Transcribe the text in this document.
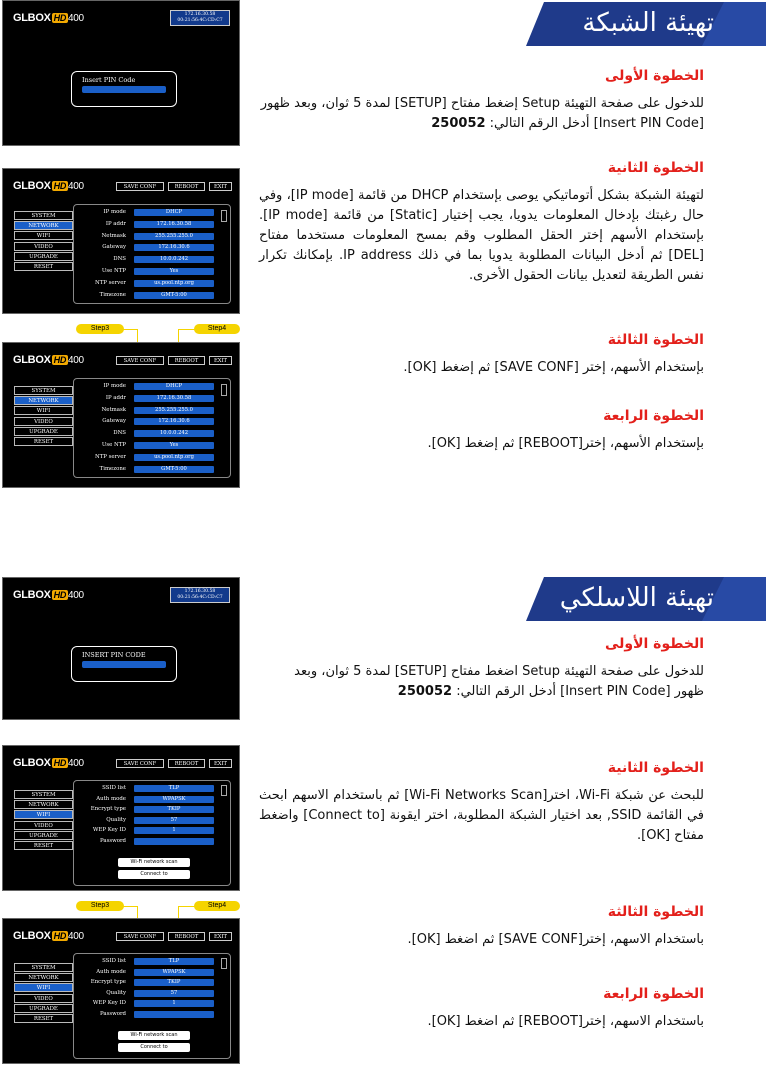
تهيئة الشبكة
GLBOX HD 400	172.16.30.58
00:21:56:4C:CD:C7
Insert PIN Code	الخطوة الأولى
للدخول على صفحة التهيئة Setup إضغط مفتاح [SETUP] لمدة 5 ثوان، وبعد ظهور
[Insert PIN Code] أدخل الرقم التالي: 250052
GLBOX HD 400	SAVE CONF	REBOOT	EXIT
SYSTEM
NETWORK
WIFI
VIDEO
UPGRADE
RESET
IP mode	DHCP
IP addr	172.16.30.58
Netmask	255.255.255.0
Gateway	172.16.30.6
DNS	10.0.0.242
Use NTP	Yes
NTP server	us.pool.ntp.org
Timezone	GMT-5:00
الخطوة الثانية
لتهيئة الشبكة بشكل أتوماتيكي يوصى بإستخدام DHCP من قائمة [IP mode]، وفي حال رغبتك بإدخال المعلومات يدويا، يجب إختيار [Static] من قائمة [IP mode]. بإستخدام الأسهم إختر الحقل المطلوب وقم بمسح المعلومات مستخدما مفتاح [DEL] ثم أدخل البيانات المطلوبة يدويا بما في ذلك IP address. بإمكانك تكرار نفس الطريقة لتعديل بيانات الحقول الأخرى.
Step3	Step4
GLBOX HD 400	SAVE CONF	REBOOT	EXIT
SYSTEM
NETWORK
WIFI
VIDEO
UPGRADE
RESET
IP mode	DHCP
IP addr	172.16.30.58
Netmask	255.255.255.0
Gateway	172.16.30.6
DNS	10.0.0.242
Use NTP	Yes
NTP server	us.pool.ntp.org
Timezone	GMT-5:00
الخطوة الثالثة
بإستخدام الأسهم، إختر [SAVE CONF] ثم إضغط [OK].
الخطوة الرابعة
بإستخدام الأسهم، إختر[REBOOT] ثم إضغط [OK].
تهيئة اللاسلكي
GLBOX HD 400	172.16.30.58
00:21:56:4C:CD:C7
INSERT PIN CODE
الخطوة الأولى
للدخول على صفحة التهيئة Setup اضغط مفتاح [SETUP] لمدة 5 ثوان، وبعد
ظهور [Insert PIN Code] أدخل الرقم التالي: 250052
GLBOX HD 400	SAVE CONF	REBOOT	EXIT
SYSTEM
NETWORK
WIFI
VIDEO
UPGRADE
RESET
Wi-Fi network scan
Connect to
SSID list	TLP
Auth mode	WPAPSK
Encrypt type	TKIP
Quality	57
WEP Key ID	1
Password
الخطوة الثانية
للبحث عن شبكة Wi-Fi، اختر[Wi-Fi Networks Scan] ثم باستخدام الاسهم ابحث في القائمة SSID, بعد اختيار الشبكة المطلوبة، اختر ايقونة [Connect to] واضغط مفتاح [OK].
Step3	Step4
GLBOX HD 400	SAVE CONF	REBOOT	EXIT
SYSTEM
NETWORK
WIFI
VIDEO
UPGRADE
RESET
Wi-Fi network scan
Connect to
SSID list	TLP
Auth mode	WPAPSK
Encrypt type	TKIP
Quality	57
WEP Key ID	1
Password
الخطوة الثالثة
باستخدام الاسهم، إختر[SAVE CONF] ثم اضغط [OK].
الخطوة الرابعة
باستخدام الاسهم، إختر[REBOOT] ثم اضغط [OK].
